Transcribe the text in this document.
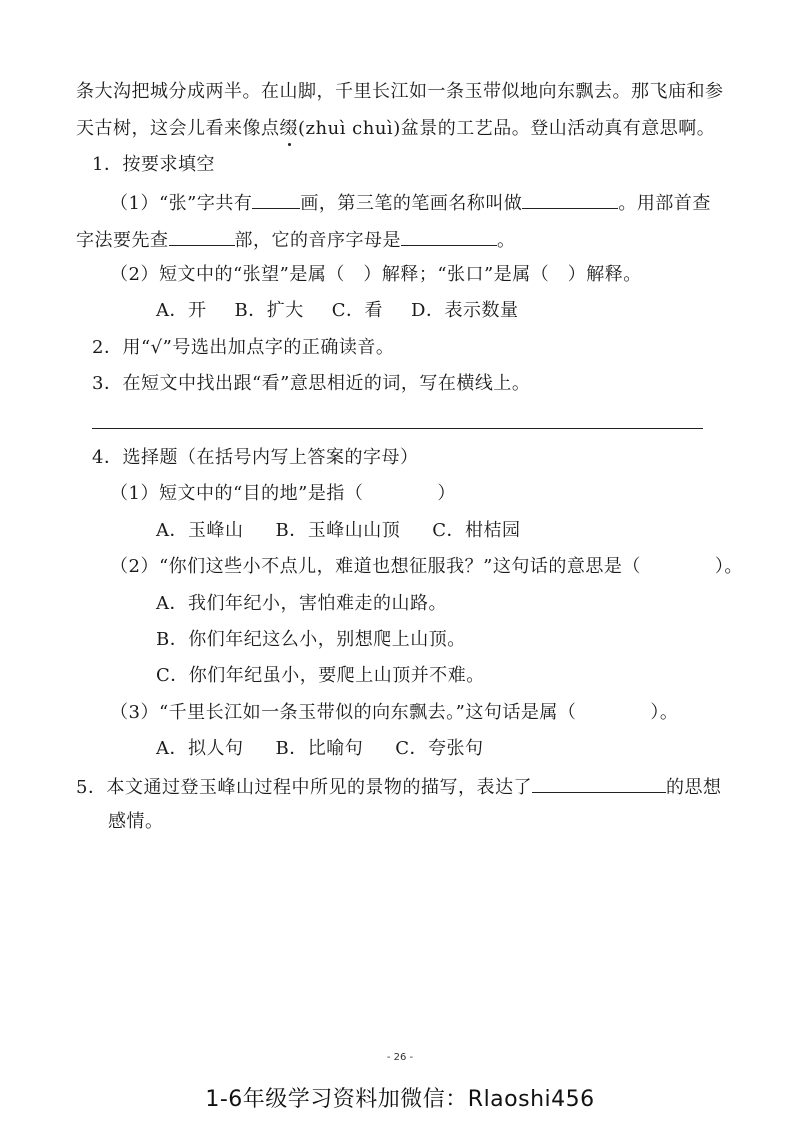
条大沟把城分成两半。在山脚，千里长江如一条玉带似地向东飘去。那飞庙和参
天古树，这会儿看来像点缀(zhuì chuì)盆景的工艺品。登山活动真有意思啊。
1．按要求填空
（1）“张”字共有	画，第三笔的笔画名称叫做	。用部首查
字法要先查	部，它的音序字母是	。
（2）短文中的“张望”是属（　）解释；“张口”是属（　）解释。
A．开 B．扩大 C．看 D．表示数量
2．用“√”号选出加点字的正确读音。
3．在短文中找出跟“看”意思相近的词，写在横线上。
4．选择题（在括号内写上答案的字母）
（1）短文中的“目的地”是指（　　　　）
A．玉峰山 B．玉峰山山顶 C．柑桔园
（2）“你们这些小不点儿，难道也想征服我？”这句话的意思是（　　　　）。
A．我们年纪小，害怕难走的山路。
B．你们年纪这么小，别想爬上山顶。
C．你们年纪虽小，要爬上山顶并不难。
（3）“千里长江如一条玉带似的向东飘去。”这句话是属（　　　　）。
A．拟人句 B．比喻句 C．夸张句
5．本文通过登玉峰山过程中所见的景物的描写，表达了	的思想
感情。
- 26 -
1-6年级学习资料加微信：Rlaoshi456
